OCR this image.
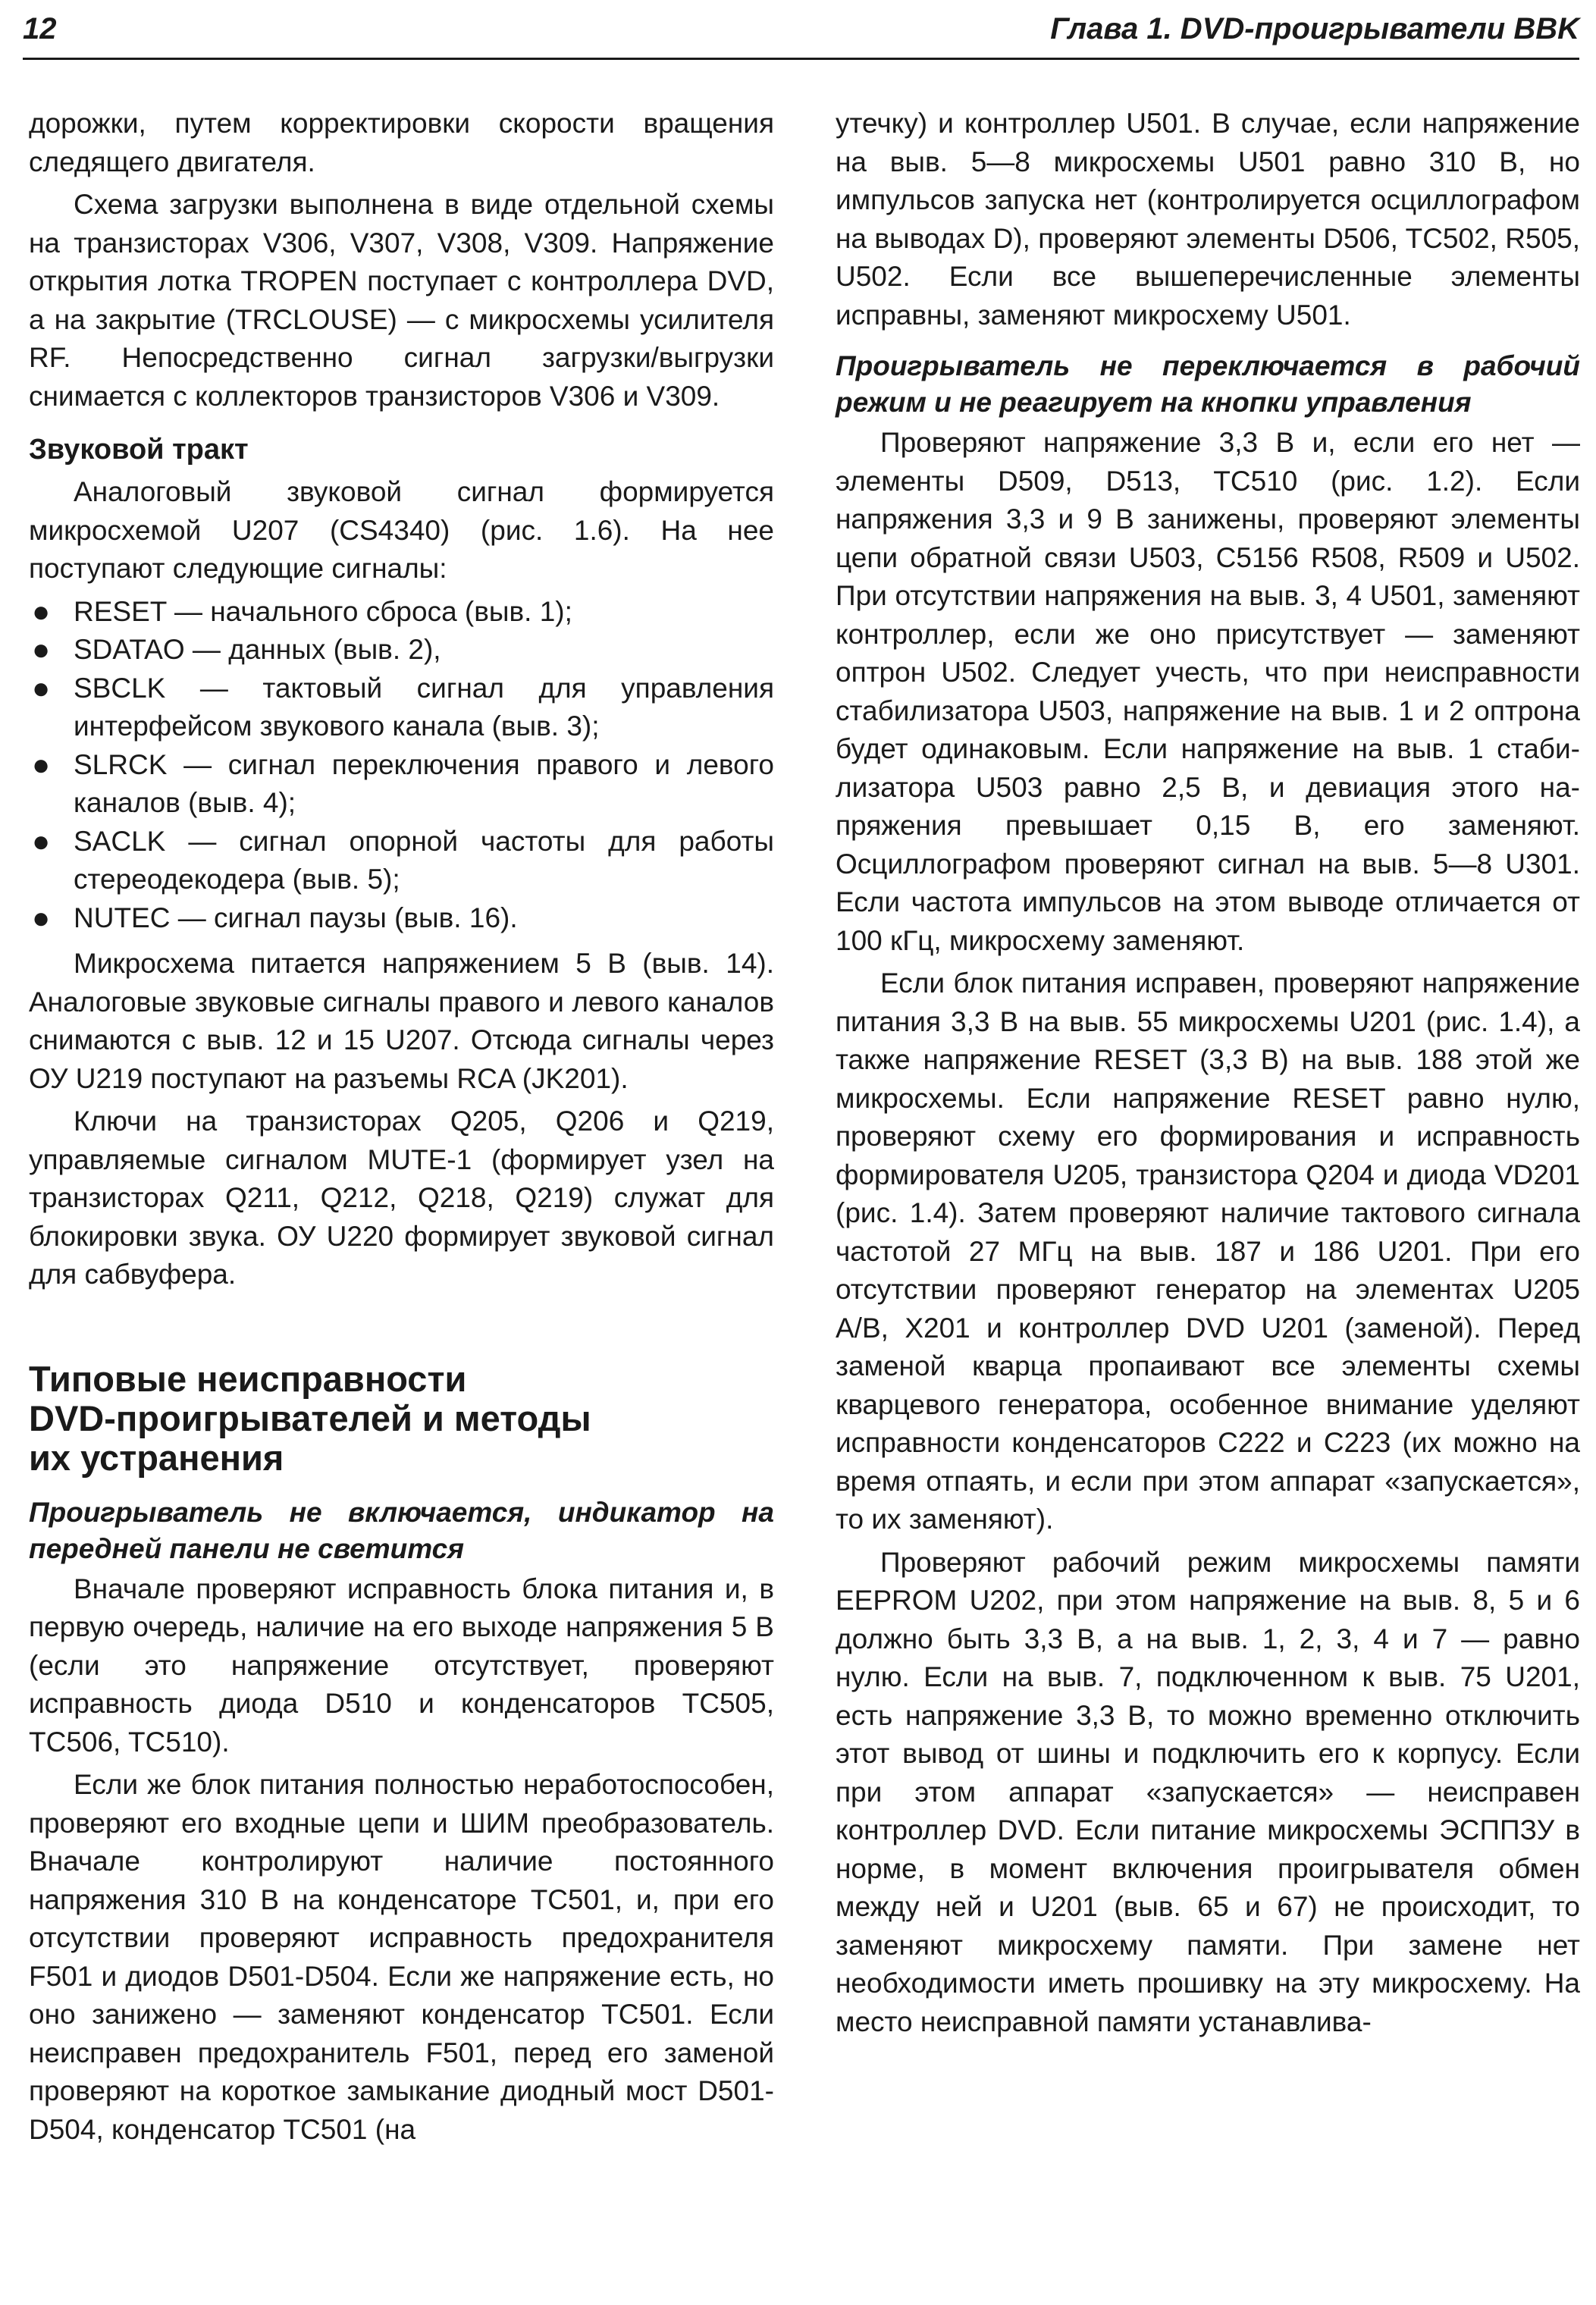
12	Глава 1. DVD-проигрыватели BBK

дорожки, путем корректировки скорости вращения следящего двигателя.

Схема загрузки выполнена в виде отдельной схемы на транзисторах V306, V307, V308, V309. Напряжение открытия лотка TROPEN поступает с контроллера DVD, а на закрытие (TRCLOUSE) — с микросхемы усилителя RF. Непосредственно сигнал загрузки/выгрузки снимается с коллекторов транзисторов V306 и V309.

Звуковой тракт

Аналоговый звуковой сигнал формируется микросхемой U207 (CS4340) (рис. 1.6). На нее поступают следующие сигналы:

● RESET — начального сброса (выв. 1);
● SDATAO — данных (выв. 2),
● SBCLK — тактовый сигнал для управления интерфейсом звукового канала (выв. 3);
● SLRCK — сигнал переключения правого и левого каналов (выв. 4);
● SACLK — сигнал опорной частоты для работы стереодекодера (выв. 5);
● NUTEC — сигнал паузы (выв. 16).

Микросхема питается напряжением 5 В (выв. 14). Аналоговые звуковые сигналы правого и левого каналов снимаются с выв. 12 и 15 U207. Отсюда сигналы через ОУ U219 поступают на разъемы RCA (JK201).

Ключи на транзисторах Q205, Q206 и Q219, управляемые сигналом MUTE-1 (формирует узел на транзисторах Q211, Q212, Q218, Q219) служат для блокировки звука. ОУ U220 формирует звуковой сигнал для сабвуфера.

Типовые неисправности
DVD-проигрывателей и методы
их устранения
Проигрыватель не включается, индикатор на передней панели не светится

Вначале проверяют исправность блока питания и, в первую очередь, наличие на его выходе напряжения 5 В (если это напряжение отсутствует, проверяют исправность диода D510 и конденсаторов TC505, TC506, TC510).

Если же блок питания полностью неработоспособен, проверяют его входные цепи и ШИМ преобразователь. Вначале контролируют наличие постоянного напряжения 310 В на конденсаторе TC501, и, при его отсутствии проверяют исправность предохранителя F501 и диодов D501-D504. Если же напряжение есть, но оно занижено — заменяют конденсатор TC501. Если неисправен предохранитель F501, перед его заменой проверяют на короткое замыкание диодный мост D501-D504, конденсатор TC501 (на

утечку) и контроллер U501. В случае, если напряжение на выв. 5—8 микросхемы U501 равно 310 В, но импульсов запуска нет (контролируется осциллографом на выводах D), проверяют элементы D506, TC502, R505, U502. Если все вышеперечисленные элементы исправны, заменяют микросхему U501.

Проигрыватель не переключается в рабочий режим и не реагирует на кнопки управления

Проверяют напряжение 3,3 В и, если его нет — элементы D509, D513, TC510 (рис. 1.2). Если напряжения 3,3 и 9 В занижены, проверяют элементы цепи обратной связи U503, C5156 R508, R509 и U502. При отсутствии напряжения на выв. 3, 4 U501, заменяют контроллер, если же оно присутствует — заменяют оптрон U502. Следует учесть, что при неисправности стабилизатора U503, напряжение на выв. 1 и 2 оптрона будет одинаковым. Если напряжение на выв. 1 стабилизатора U503 равно 2,5 В, и девиация этого напряжения превышает 0,15 В, его заменяют. Осциллографом проверяют сигнал на выв. 5—8 U301. Если частота импульсов на этом выводе отличается от 100 кГц, микросхему заменяют.

Если блок питания исправен, проверяют напряжение питания 3,3 В на выв. 55 микросхемы U201 (рис. 1.4), а также напряжение RESET (3,3 В) на выв. 188 этой же микросхемы. Если напряжение RESET равно нулю, проверяют схему его формирования и исправность формирователя U205, транзистора Q204 и диода VD201 (рис. 1.4). Затем проверяют наличие тактового сигнала частотой 27 МГц на выв. 187 и 186 U201. При его отсутствии проверяют генератор на элементах U205 A/B, X201 и контроллер DVD U201 (заменой). Перед заменой кварца пропаивают все элементы схемы кварцевого генератора, особенное внимание уделяют исправности конденсаторов C222 и C223 (их можно на время отпаять, и если при этом аппарат «запускается», то их заменяют).

Проверяют рабочий режим микросхемы памяти EEPROM U202, при этом напряжение на выв. 8, 5 и 6 должно быть 3,3 В, а на выв. 1, 2, 3, 4 и 7 — равно нулю. Если на выв. 7, подключенном к выв. 75 U201, есть напряжение 3,3 В, то можно временно отключить этот вывод от шины и подключить его к корпусу. Если при этом аппарат «запускается» — неисправен контроллер DVD. Если питание микросхемы ЭСППЗУ в норме, в момент включения проигрывателя обмен между ней и U201 (выв. 65 и 67) не происходит, то заменяют микросхему памяти. При замене нет необходимости иметь прошивку на эту микросхему. На место неисправной памяти устанавлива-
